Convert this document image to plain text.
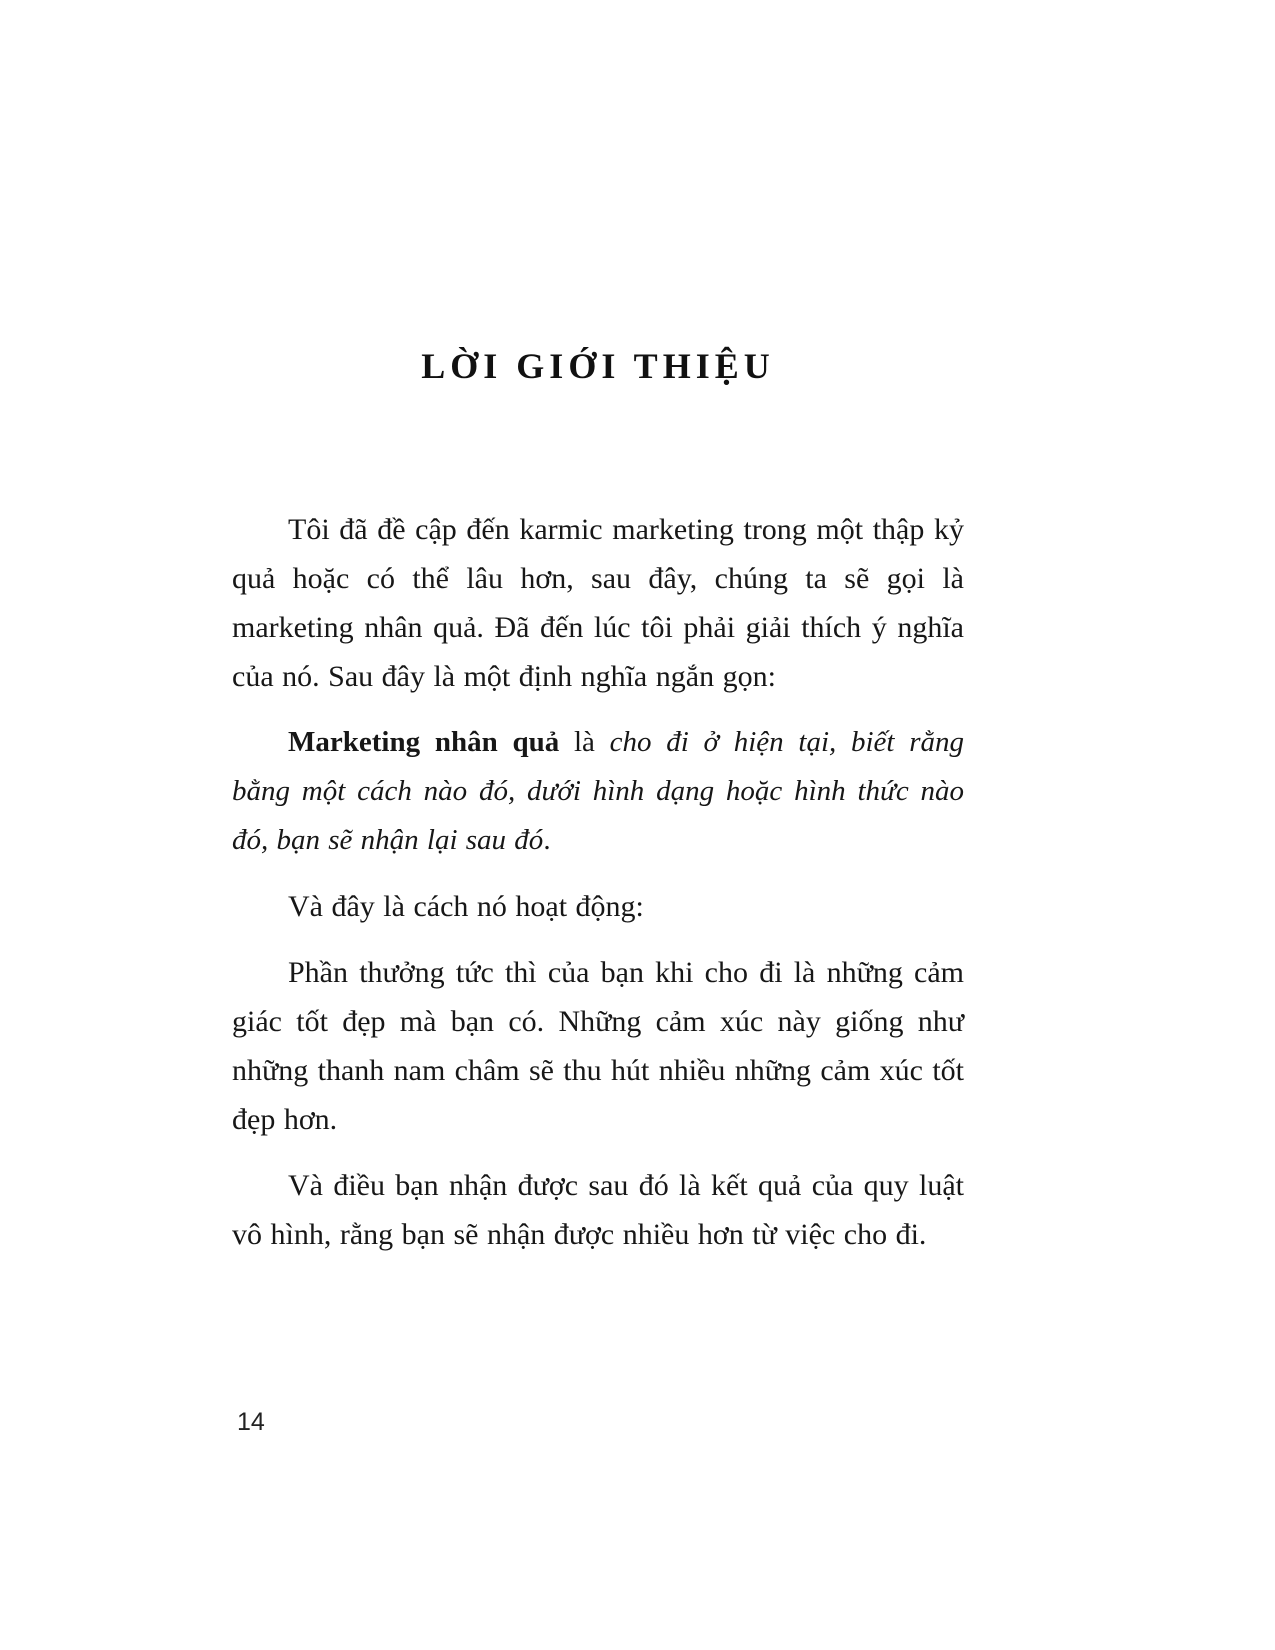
LỜI GIỚI THIỆU

Tôi đã đề cập đến karmic marketing trong một thập kỷ quả hoặc có thể lâu hơn, sau đây, chúng ta sẽ gọi là marketing nhân quả. Đã đến lúc tôi phải giải thích ý nghĩa của nó. Sau đây là một định nghĩa ngắn gọn:

Marketing nhân quả là cho đi ở hiện tại, biết rằng bằng một cách nào đó, dưới hình dạng hoặc hình thức nào đó, bạn sẽ nhận lại sau đó.

Và đây là cách nó hoạt động:

Phần thưởng tức thì của bạn khi cho đi là những cảm giác tốt đẹp mà bạn có. Những cảm xúc này giống như những thanh nam châm sẽ thu hút nhiều những cảm xúc tốt đẹp hơn.

Và điều bạn nhận được sau đó là kết quả của quy luật vô hình, rằng bạn sẽ nhận được nhiều hơn từ việc cho đi.

14
